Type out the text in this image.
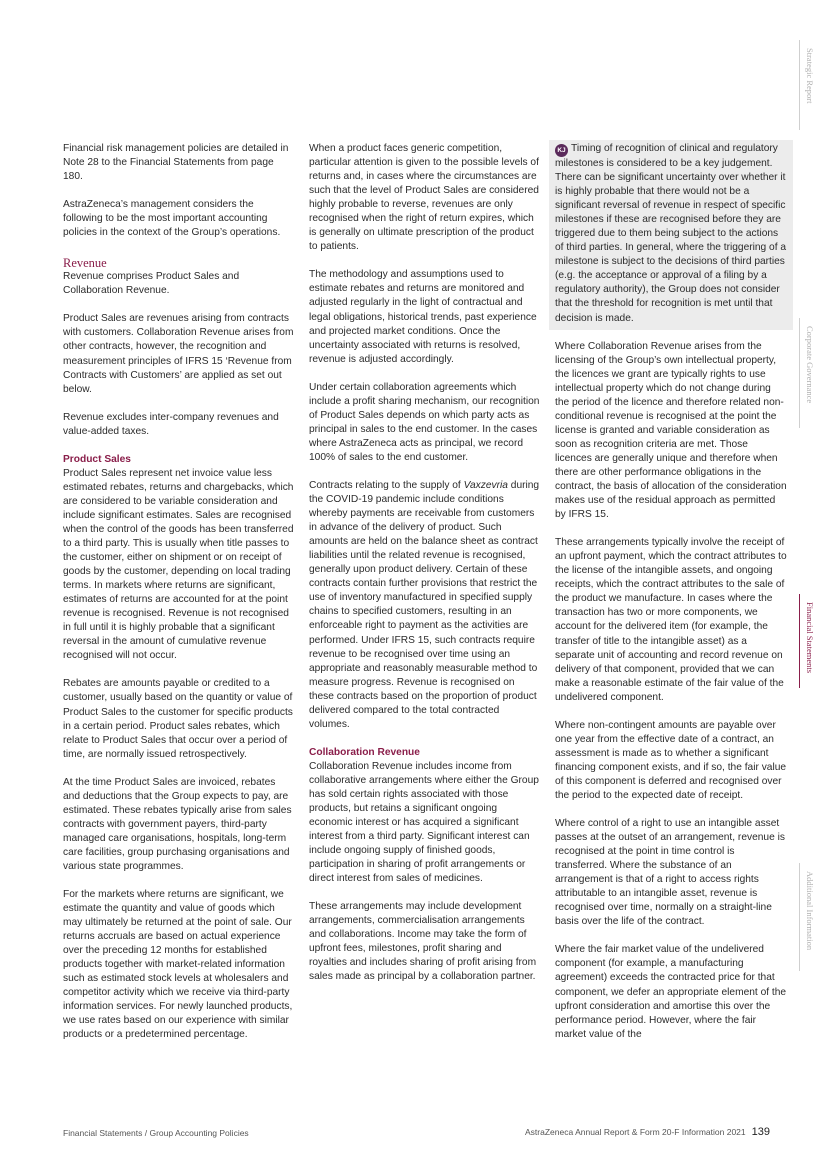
Strategic Report
Corporate Governance
Financial Statements
Additional Information

Financial risk management policies are detailed in Note 28 to the Financial Statements from page 180.

AstraZeneca’s management considers the following to be the most important accounting policies in the context of the Group’s operations.

Revenue

Revenue comprises Product Sales and Collaboration Revenue.

Product Sales are revenues arising from contracts with customers. Collaboration Revenue arises from other contracts, however, the recognition and measurement principles of IFRS 15 ‘Revenue from Contracts with Customers’ are applied as set out below.

Revenue excludes inter-company revenues and value-added taxes.

Product Sales

Product Sales represent net invoice value less estimated rebates, returns and chargebacks, which are considered to be variable consideration and include significant estimates. Sales are recognised when the control of the goods has been transferred to a third party. This is usually when title passes to the customer, either on shipment or on receipt of goods by the customer, depending on local trading terms. In markets where returns are significant, estimates of returns are accounted for at the point revenue is recognised. Revenue is not recognised in full until it is highly probable that a significant reversal in the amount of cumulative revenue recognised will not occur.

Rebates are amounts payable or credited to a customer, usually based on the quantity or value of Product Sales to the customer for specific products in a certain period. Product sales rebates, which relate to Product Sales that occur over a period of time, are normally issued retrospectively.

At the time Product Sales are invoiced, rebates and deductions that the Group expects to pay, are estimated. These rebates typically arise from sales contracts with government payers, third-party managed care organisations, hospitals, long-term care facilities, group purchasing organisations and various state programmes.

For the markets where returns are significant, we estimate the quantity and value of goods which may ultimately be returned at the point of sale. Our returns accruals are based on actual experience over the preceding 12 months for established products together with market-related information such as estimated stock levels at wholesalers and competitor activity which we receive via third-party information services. For newly launched products, we use rates based on our experience with similar products or a predetermined percentage.

When a product faces generic competition, particular attention is given to the possible levels of returns and, in cases where the circumstances are such that the level of Product Sales are considered highly probable to reverse, revenues are only recognised when the right of return expires, which is generally on ultimate prescription of the product to patients.

The methodology and assumptions used to estimate rebates and returns are monitored and adjusted regularly in the light of contractual and legal obligations, historical trends, past experience and projected market conditions. Once the uncertainty associated with returns is resolved, revenue is adjusted accordingly.

Under certain collaboration agreements which include a profit sharing mechanism, our recognition of Product Sales depends on which party acts as principal in sales to the end customer. In the cases where AstraZeneca acts as principal, we record 100% of sales to the end customer.

Contracts relating to the supply of Vaxzevria during the COVID-19 pandemic include conditions whereby payments are receivable from customers in advance of the delivery of product. Such amounts are held on the balance sheet as contract liabilities until the related revenue is recognised, generally upon product delivery. Certain of these contracts contain further provisions that restrict the use of inventory manufactured in specified supply chains to specified customers, resulting in an enforceable right to payment as the activities are performed. Under IFRS 15, such contracts require revenue to be recognised over time using an appropriate and reasonably measurable method to measure progress. Revenue is recognised on these contracts based on the proportion of product delivered compared to the total contracted volumes.

Collaboration Revenue

Collaboration Revenue includes income from collaborative arrangements where either the Group has sold certain rights associated with those products, but retains a significant ongoing economic interest or has acquired a significant interest from a third party. Significant interest can include ongoing supply of finished goods, participation in sharing of profit arrangements or direct interest from sales of medicines.

These arrangements may include development arrangements, commercialisation arrangements and collaborations. Income may take the form of upfront fees, milestones, profit sharing and royalties and includes sharing of profit arising from sales made as principal by a collaboration partner.

KJ Timing of recognition of clinical and regulatory milestones is considered to be a key judgement. There can be significant uncertainty over whether it is highly probable that there would not be a significant reversal of revenue in respect of specific milestones if these are recognised before they are triggered due to them being subject to the actions of third parties. In general, where the triggering of a milestone is subject to the decisions of third parties (e.g. the acceptance or approval of a filing by a regulatory authority), the Group does not consider that the threshold for recognition is met until that decision is made.

Where Collaboration Revenue arises from the licensing of the Group’s own intellectual property, the licences we grant are typically rights to use intellectual property which do not change during the period of the licence and therefore related non-conditional revenue is recognised at the point the license is granted and variable consideration as soon as recognition criteria are met. Those licences are generally unique and therefore when there are other performance obligations in the contract, the basis of allocation of the consideration makes use of the residual approach as permitted by IFRS 15.

These arrangements typically involve the receipt of an upfront payment, which the contract attributes to the license of the intangible assets, and ongoing receipts, which the contract attributes to the sale of the product we manufacture. In cases where the transaction has two or more components, we account for the delivered item (for example, the transfer of title to the intangible asset) as a separate unit of accounting and record revenue on delivery of that component, provided that we can make a reasonable estimate of the fair value of the undelivered component.

Where non-contingent amounts are payable over one year from the effective date of a contract, an assessment is made as to whether a significant financing component exists, and if so, the fair value of this component is deferred and recognised over the period to the expected date of receipt.

Where control of a right to use an intangible asset passes at the outset of an arrangement, revenue is recognised at the point in time control is transferred. Where the substance of an arrangement is that of a right to access rights attributable to an intangible asset, revenue is recognised over time, normally on a straight-line basis over the life of the contract.

Where the fair market value of the undelivered component (for example, a manufacturing agreement) exceeds the contracted price for that component, we defer an appropriate element of the upfront consideration and amortise this over the performance period. However, where the fair market value of the

Financial Statements / Group Accounting Policies	AstraZeneca Annual Report & Form 20-F Information 2021 139
